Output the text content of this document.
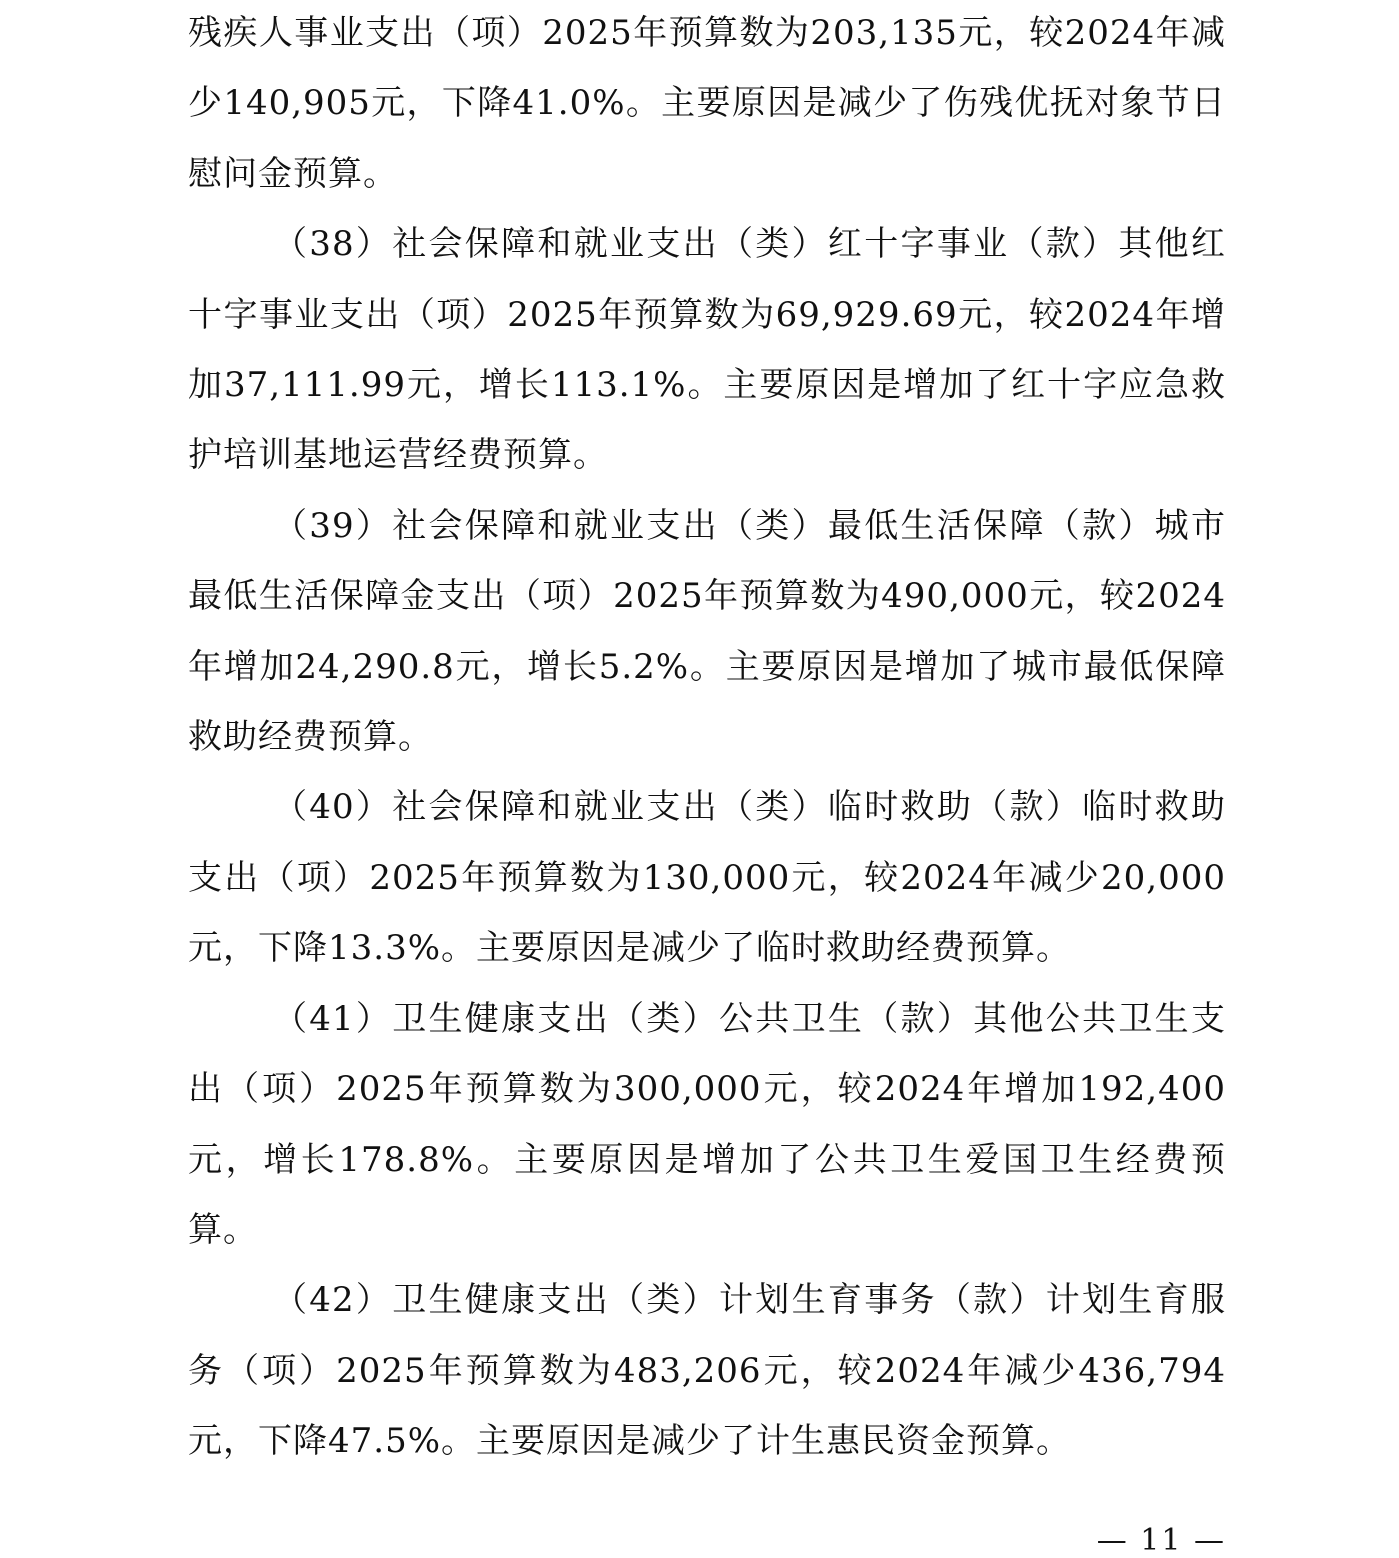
残疾人事业支出（项）2025年预算数为203,135元，较2024年减少140,905元，下降41.0%。主要原因是减少了伤残优抚对象节日慰问金预算。

（38）社会保障和就业支出（类）红十字事业（款）其他红十字事业支出（项）2025年预算数为69,929.69元，较2024年增加37,111.99元，增长113.1%。主要原因是增加了红十字应急救护培训基地运营经费预算。

（39）社会保障和就业支出（类）最低生活保障（款）城市最低生活保障金支出（项）2025年预算数为490,000元，较2024年增加24,290.8元，增长5.2%。主要原因是增加了城市最低保障救助经费预算。

（40）社会保障和就业支出（类）临时救助（款）临时救助支出（项）2025年预算数为130,000元，较2024年减少20,000元，下降13.3%。主要原因是减少了临时救助经费预算。

（41）卫生健康支出（类）公共卫生（款）其他公共卫生支出（项）2025年预算数为300,000元，较2024年增加192,400元，增长178.8%。主要原因是增加了公共卫生爱国卫生经费预算。

（42）卫生健康支出（类）计划生育事务（款）计划生育服务（项）2025年预算数为483,206元，较2024年减少436,794元，下降47.5%。主要原因是减少了计生惠民资金预算。

— 11 —
